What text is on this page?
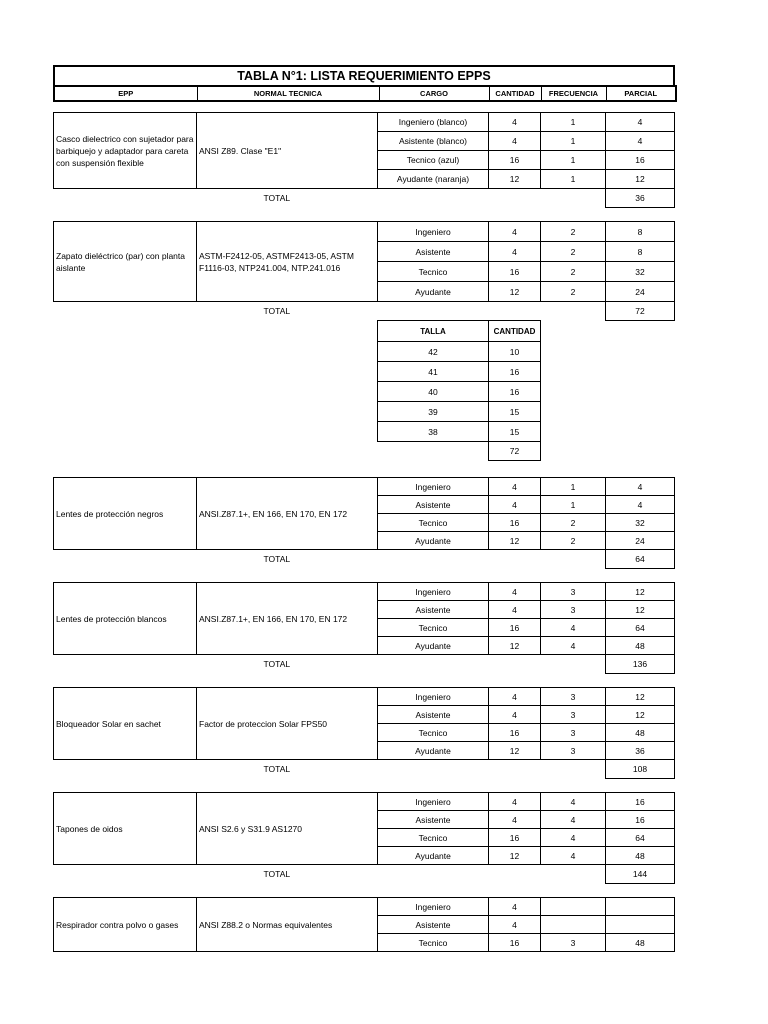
TABLA N°1: LISTA REQUERIMIENTO EPPS
EPP	NORMAL TECNICA	CARGO	CANTIDAD	FRECUENCIA	PARCIAL
Casco dielectrico con sujetador para barbiquejo y adaptador para careta con suspensión flexible	ANSI Z89. Clase "E1"	Ingeniero (blanco)	4	1	4
		Asistente (blanco)	4	1	4
		Tecnico (azul)	16	1	16
		Ayudante (naranja)	12	1	12
TOTAL					36
Zapato dieléctrico (par) con planta aislante	ASTM-F2412-05, ASTMF2413-05, ASTM F1116-03, NTP241.004, NTP.241.016	Ingeniero	4	2	8
		Asistente	4	2	8
		Tecnico	16	2	32
		Ayudante	12	2	24
TOTAL					72
Lentes de protección negros	ANSI.Z87.1+, EN 166, EN 170, EN 172	Ingeniero	4	1	4
		Asistente	4	1	4
		Tecnico	16	2	32
		Ayudante	12	2	24
TOTAL					64
Lentes de protección blancos	ANSI.Z87.1+, EN 166, EN 170, EN 172	Ingeniero	4	3	12
		Asistente	4	3	12
		Tecnico	16	4	64
		Ayudante	12	4	48
TOTAL					136
Bloqueador Solar en sachet	Factor de proteccion Solar FPS50	Ingeniero	4	3	12
		Asistente	4	3	12
		Tecnico	16	3	48
		Ayudante	12	3	36
TOTAL					108
Tapones de oidos	ANSI S2.6 y S31.9 AS1270	Ingeniero	4	4	16
		Asistente	4	4	16
		Tecnico	16	4	64
		Ayudante	12	4	48
TOTAL					144
Respirador contra polvo o gases	ANSI Z88.2 o Normas equivalentes	Ingeniero	4		
		Asistente	4		
		Tecnico	16	3	48
TALLA	CANTIDAD
42	10
41	16
40	16
39	15
38	15
	72
